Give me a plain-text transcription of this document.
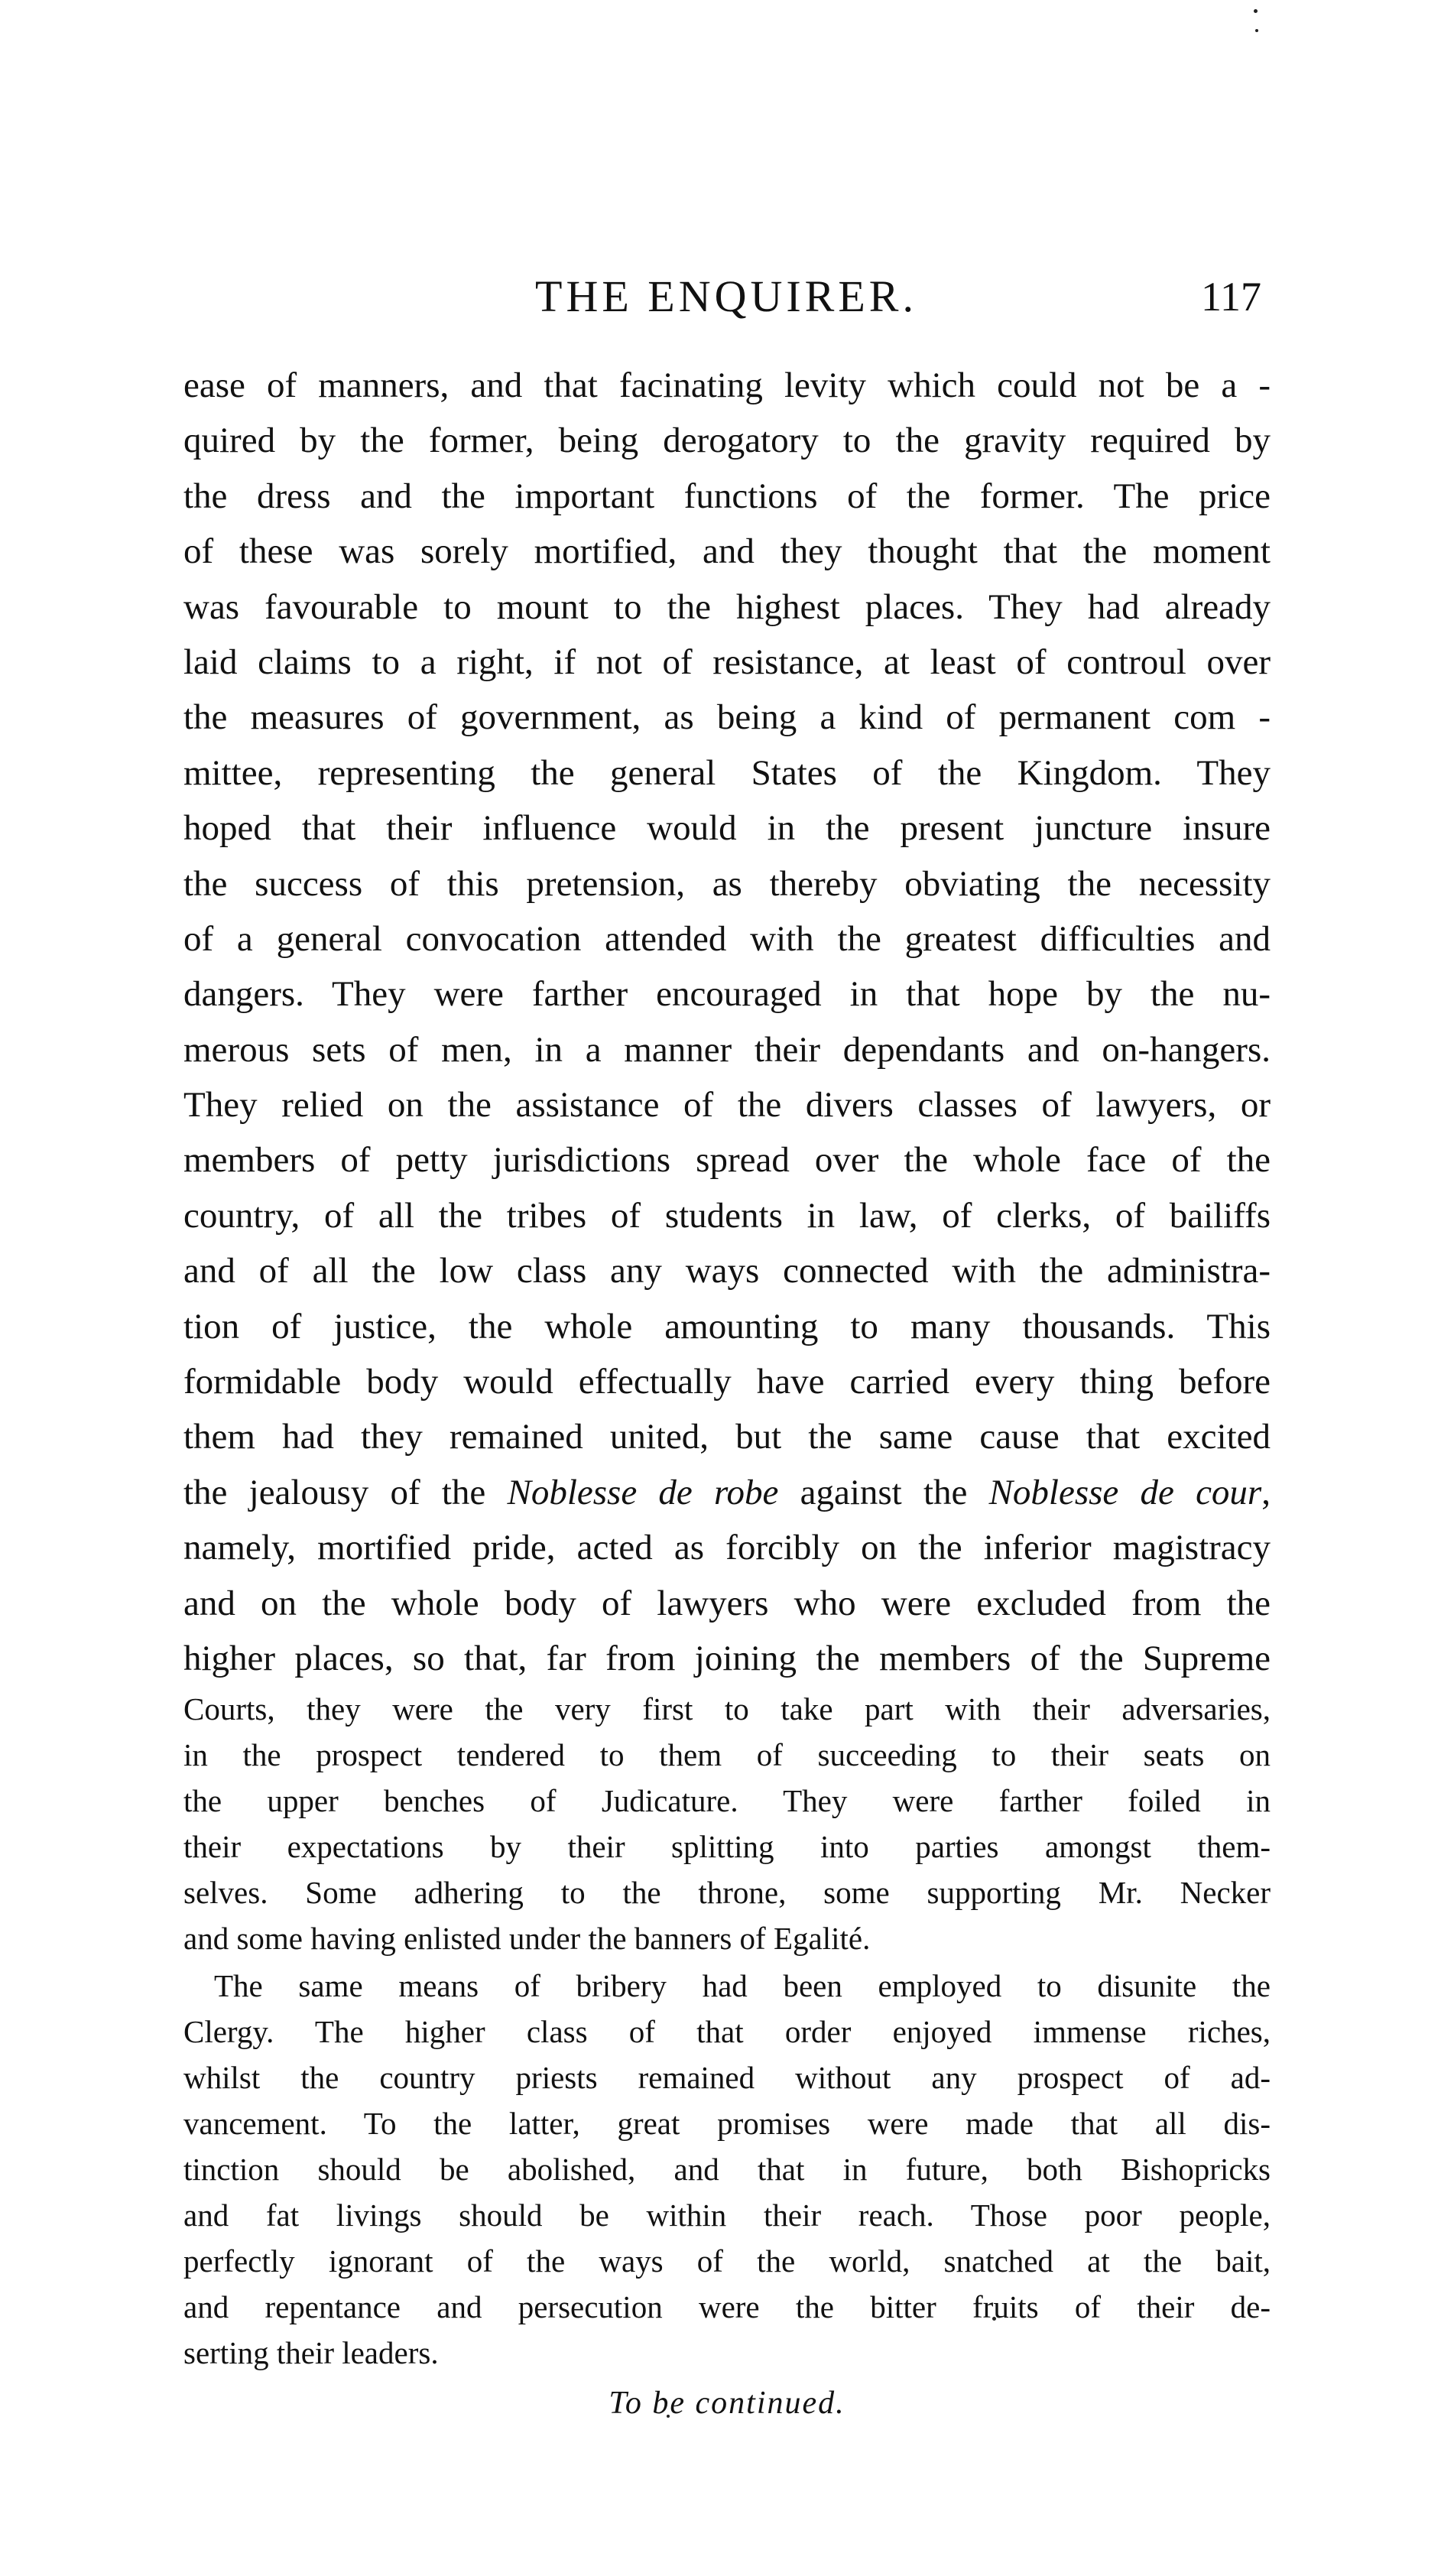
THE ENQUIRER.	117
ease of manners, and that facinating levity which could not be a -
quired by the former, being derogatory to the gravity required by
the dress and the important functions of the former. The price
of these was sorely mortified, and they thought that the moment
was favourable to mount to the highest places. They had already
laid claims to a right, if not of resistance, at least of controul over
the measures of government, as being a kind of permanent com -
mittee, representing the general States of the Kingdom. They
hoped that their influence would in the present juncture insure
the success of this pretension, as thereby obviating the necessity
of a general convocation attended with the greatest difficulties and
dangers. They were farther encouraged in that hope by the nu-
merous sets of men, in a manner their dependants and on-hangers.
They relied on the assistance of the divers classes of lawyers, or
members of petty jurisdictions spread over the whole face of the
country, of all the tribes of students in law, of clerks, of bailiffs
and of all the low class any ways connected with the administra-
tion of justice, the whole amounting to many thousands. This
formidable body would effectually have carried every thing before
them had they remained united, but the same cause that excited
the jealousy of the Noblesse de robe against the Noblesse de cour,
namely, mortified pride, acted as forcibly on the inferior magistracy
and on the whole body of lawyers who were excluded from the
higher places, so that, far from joining the members of the Supreme
Courts, they were the very first to take part with their adversaries,
in the prospect tendered to them of succeeding to their seats on
the upper benches of Judicature. They were farther foiled in
their expectations by their splitting into parties amongst them-
selves. Some adhering to the throne, some supporting Mr. Necker
and some having enlisted under the banners of Egalité.
The same means of bribery had been employed to disunite the
Clergy. The higher class of that order enjoyed immense riches,
whilst the country priests remained without any prospect of ad-
vancement. To the latter, great promises were made that all dis-
tinction should be abolished, and that in future, both Bishopricks
and fat livings should be within their reach. Those poor people,
perfectly ignorant of the ways of the world, snatched at the bait,
and repentance and persecution were the bitter fruits of their de-
serting their leaders.
To be continued.
